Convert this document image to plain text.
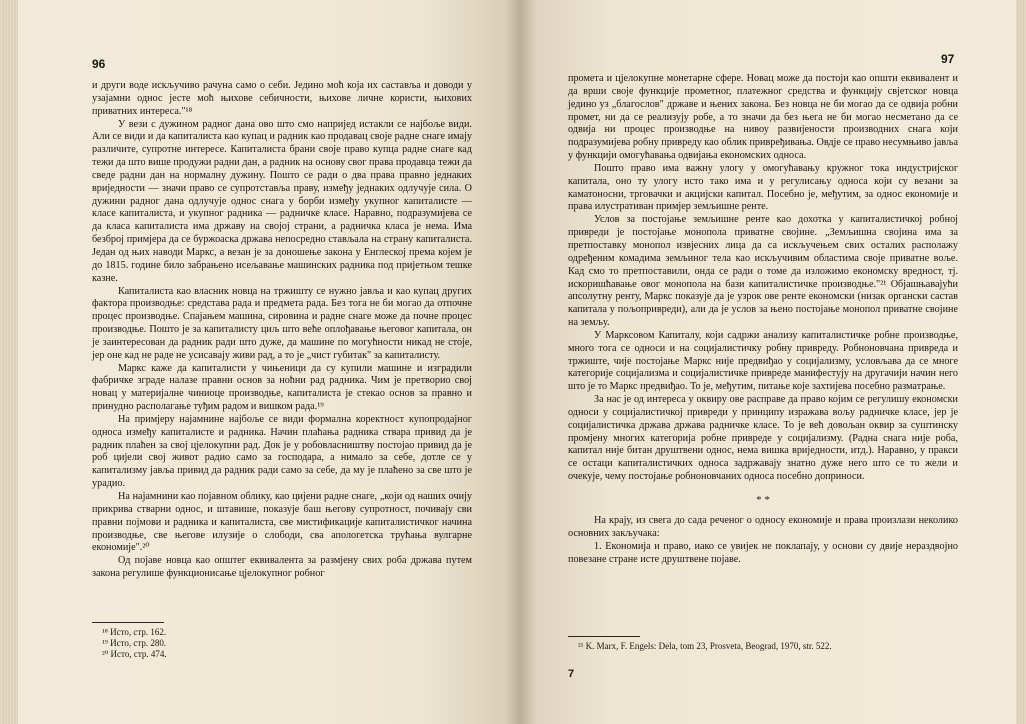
96

и други воде искључиво рачуна само о себи. Једино моћ која их састављa и доводи у узајамни однос јесте моћ њихове себичности, њихове личне користи, њихових приватних интереса."¹⁸

У вези с дужином радног дана ово што смо напријед истакли се најбоље види. Али се види и да капиталиста као купац и радник као продавац своје радне снаге имају различите, супротне интересе. Капиталиста брани своје право купца радне снаге кад тежи да што више продужи радни дан, а радник на основу свог права продавца тежи да сведе радни дан на нормалну дужину. Пошто се ради о два права правно једнаких вриједности — значи право се супротставља праву, између једнаких одлучује сила. О дужини радног дана одлучује однос снага у борби између укупног капиталисте — класе капиталиста, и укупног радника — радничке класе. Наравно, подразумијева се да класа капиталиста има државу на својој страни, а радничка класа је нема. Има безброј примјера да се буржоаска држава непосредно стављала на страну капиталиста. Један од њих наводи Маркс, а везан је за доношење закона у Енглеској према којем је до 1815. године било забрањено исељавање машинских радника под пријетњом тешке казне.

Капиталиста као власник новца на тржишту се нужно јавља и као купац других фактора производње: средстава рада и предмета рада. Без тога не би могао да отпочне процес производње. Спајањем машина, сировина и радне снаге може да почне процес производње. Пошто је за капиталисту циљ што веће оплођавање његовог капитала, он је заинтересован да радник ради што дуже, да машине по могућности никад не стоје, јер оне кад не раде не усисавају живи рад, а то је „чист губитак" за капиталисту.

Маркс каже да капиталисти у чињеници да су купили машине и изградили фабричке зграде налазе правни основ за ноћни рад радника. Чим је претворио свој новац у материјалне чиниоце производње, капиталиста је стекао основ за правно и принудно располагање туђим радом и вишком рада.¹⁹

На примјеру најамнине најбоље се види формална коректност купопродајног односа између капиталисте и радника. Начин плаћања радника ствара привид да је радник плаћен за свој цјелокупни рад. Док је у робовласништву постојао привид да је роб цијели свој живот радио само за господара, а нимало за себе, дотле се у капитализму јавља привид да радник ради само за себе, да му је плаћено за све што је урадио.

На најамнини као појавном облику, као цијени радне снаге, „који од наших очију прикрива стварни однос, и штавише, показује баш његову супротност, почивају сви правни појмови и радника и капиталиста, све мистификације капиталистичког начина производње, све његове илузије о слободи, сва апологетска трућања вулгарне економије".²⁰

Од појаве новца као општег еквивалента за размјену свих роба држава путем закона регулише функционисање цјелокупног робног

¹⁸ Исто, стр. 162.
¹⁹ Исто, стр. 280.
²⁰ Исто, стр. 474.
97

промета и цјелокупне монетарне сфере. Новац може да постоји као општи еквивалент и да врши своје функције прометног, платежног средства и функцију свјетског новца једино уз „благослов" државе и њених закона. Без новца не би могао да се одвија робни промет, ни да се реализују робе, а то значи да без њега не би могао несметано да се одвија ни процес производње на нивоу развијености производних снага који подразумијева робну привреду као облик привређивања. Овдје се право несумњиво јавља у функцији омогућавања одвијања економских односа.

Пошто право има важну улогу у омогућавању кружног тока индустријског капитала, оно ту улогу исто тако има и у регулисању односа који су везани за каматоносни, трговачки и акцијски капитал. Посебно је, међутим, за однос економије и права илустративан примјер земљишне ренте.

Услов за постојање земљишне ренте као дохотка у капиталистичкој робној привреди је постојање монопола приватне својине. „Земљишна својина има за претпоставку монопол извјесних лица да са искључењем свих осталих располажу одређеним комадима земљиног тела као искључивим областима своје приватне воље. Кад смо то претпоставили, онда се ради о томе да изложимо економску вредност, тј. искоришћавање овог монопола на бази капиталистичке производње."²¹ Објашњавајући апсолутну ренту, Маркс показује да је узрок ове ренте економски (низак органски састав капитала у пољопривреди), али да је услов за њено постојање монопол приватне својине на земљу.

У Марксовом Капиталу, који садржи анализу капиталистичке робне производње, много тога се односи и на социјалистичку робну привреду. Робноновчана привреда и тржиште, чије постојање Маркс није предвиђао у социјализму, условљава да се многе категорије социјализма и социјалистичке привреде манифестују на другачији начин него што је то Маркс предвиђао. То је, међутим, питање које захтијева посебно разматрање.

За нас је од интереса у оквиру ове расправе да право којим се регулишу економски односи у социјалистичкој привреди у принципу изражава вољу радничке класе, јер је социјалистичка држава држава радничке класе. То је већ довољан оквир за суштинску промјену многих категорија робне привреде у социјализму. (Радна снага није роба, капитал није битан друштвени однос, нема вишка вриједности, итд.). Наравно, у пракси се остаци капиталистичких односа задржавају знатно дуже него што се то жели и очекује, чему постојање робноновчаних односа посебно доприноси.

* *

На крају, из свега до сада реченог о односу економије и права произлази неколико основних закључака:

1. Економија и право, иако се увијек не поклапају, у основи су двије нераздвојно повезане стране исте друштвене појаве.

²¹ K. Marx, F. Engels: Dela, tom 23, Prosveta, Beograd, 1970, str. 522.
7
